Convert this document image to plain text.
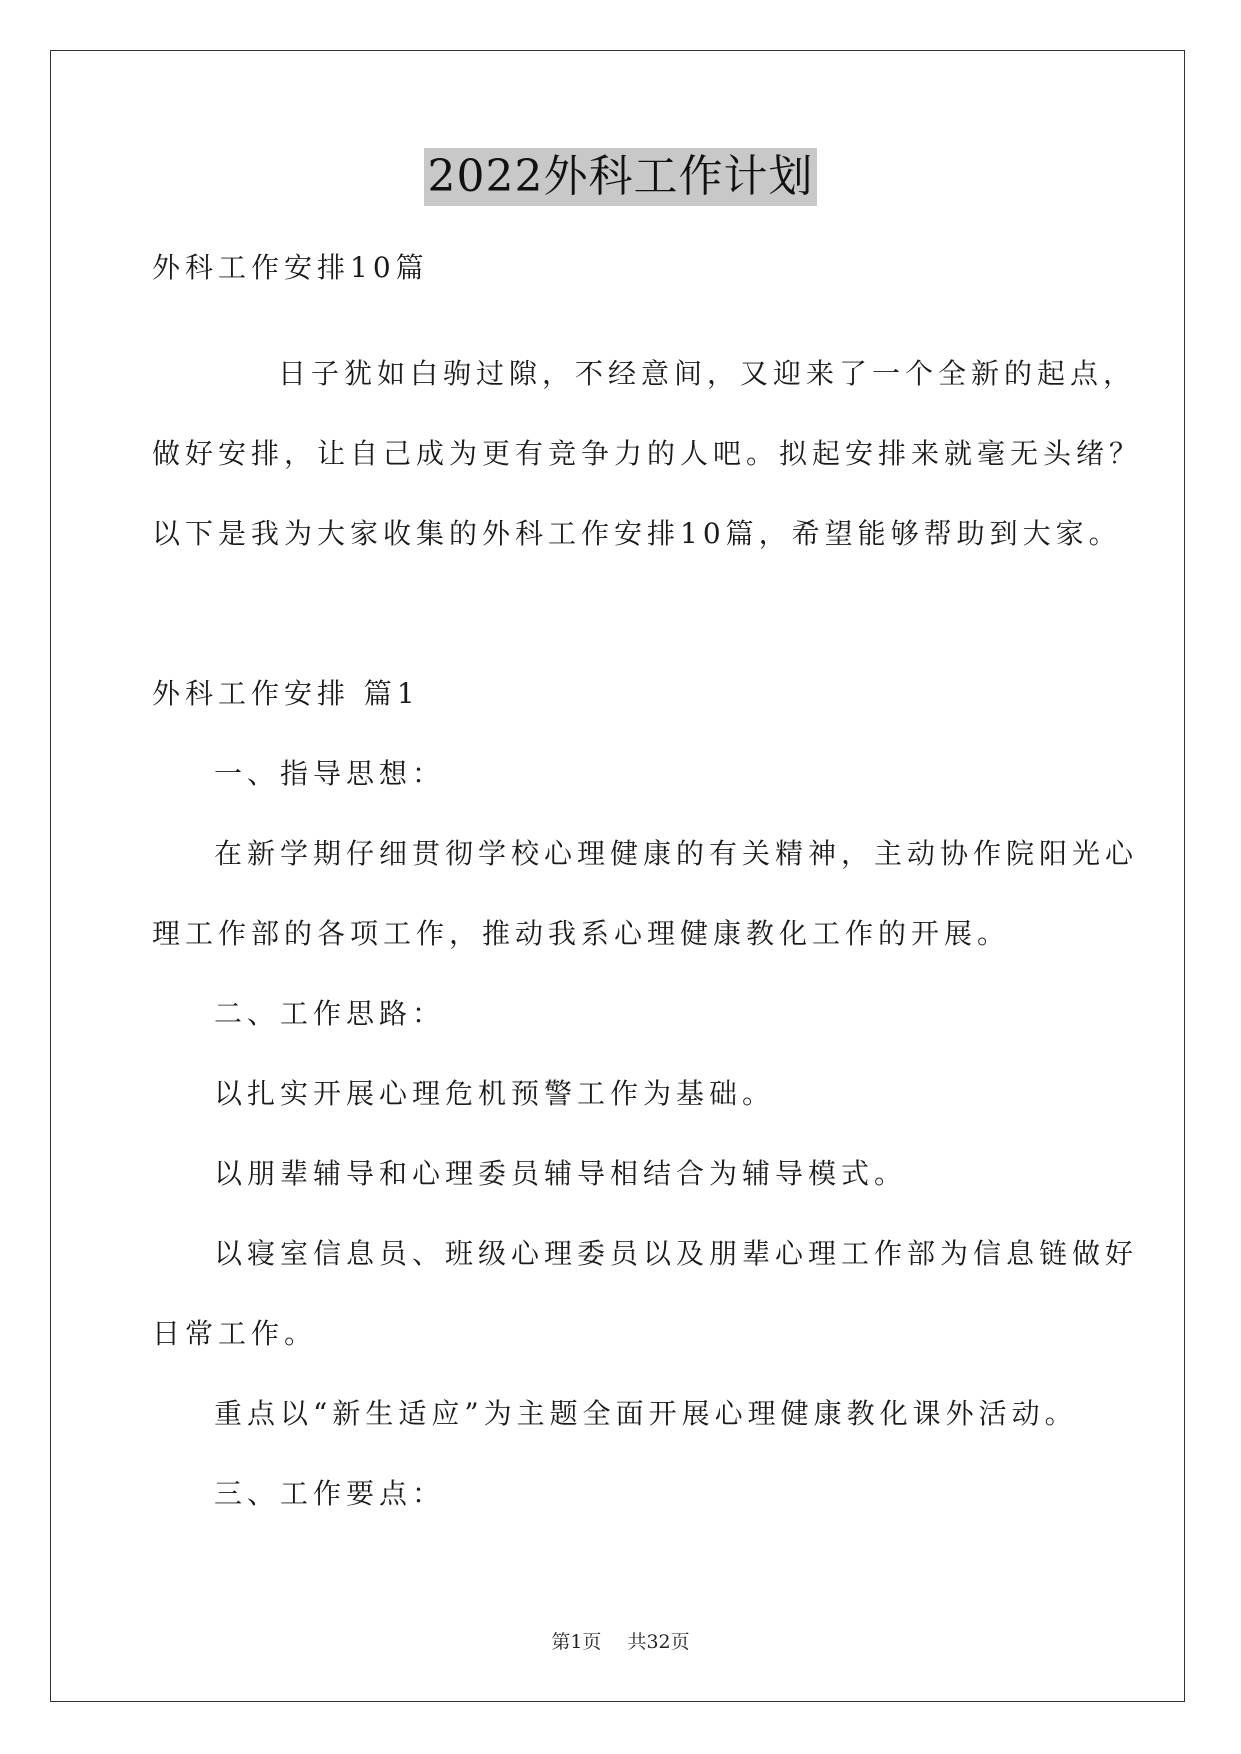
2022外科工作计划
外科工作安排10篇
日子犹如白驹过隙，不经意间，又迎来了一个全新的起点，
做好安排，让自己成为更有竞争力的人吧。拟起安排来就毫无头绪？
以下是我为大家收集的外科工作安排10篇，希望能够帮助到大家。
外科工作安排 篇1
一、指导思想：
在新学期仔细贯彻学校心理健康的有关精神，主动协作院阳光心
理工作部的各项工作，推动我系心理健康教化工作的开展。
二、工作思路：
以扎实开展心理危机预警工作为基础。
以朋辈辅导和心理委员辅导相结合为辅导模式。
以寝室信息员、班级心理委员以及朋辈心理工作部为信息链做好
日常工作。
重点以“新生适应”为主题全面开展心理健康教化课外活动。
三、工作要点：
第1页 共32页
